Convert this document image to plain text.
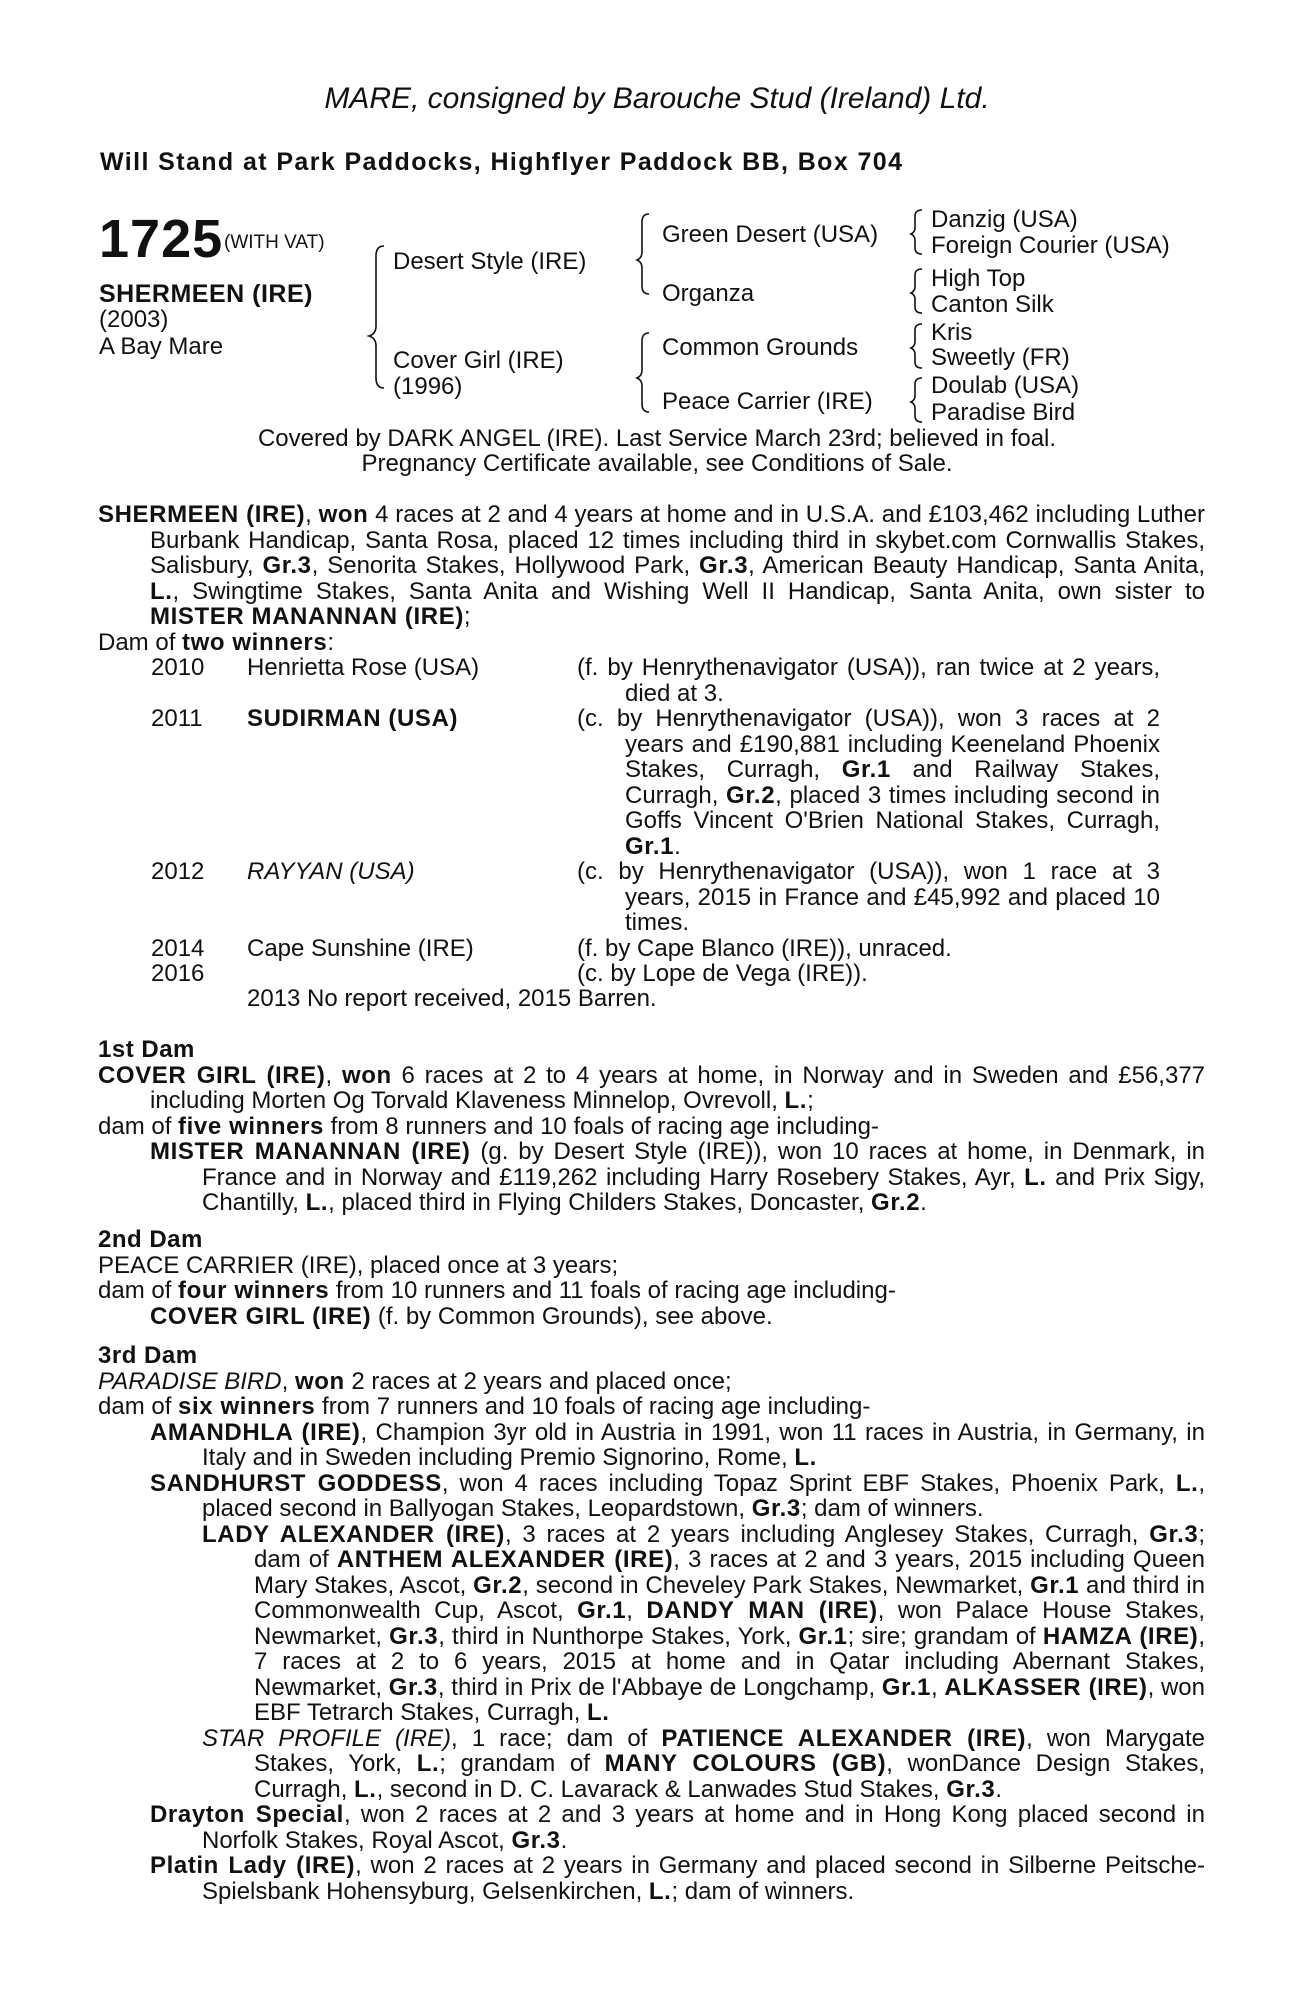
MARE, consigned by Barouche Stud (Ireland) Ltd.
Will Stand at Park Paddocks, Highflyer Paddock BB, Box 704
1725 (WITH VAT)
SHERMEEN (IRE)
(2003)
A Bay Mare
Desert Style (IRE)
Cover Girl (IRE)
(1996)
Green Desert (USA)
Organza
Common Grounds
Peace Carrier (IRE)
Danzig (USA)
Foreign Courier (USA)
High Top
Canton Silk
Kris
Sweetly (FR)
Doulab (USA)
Paradise Bird
Covered by DARK ANGEL (IRE). Last Service March 23rd; believed in foal.
Pregnancy Certificate available, see Conditions of Sale.

SHERMEEN (IRE), won 4 races at 2 and 4 years at home and in U.S.A. and £103,462 including Luther Burbank Handicap, Santa Rosa, placed 12 times including third in skybet.com Cornwallis Stakes, Salisbury, Gr.3, Senorita Stakes, Hollywood Park, Gr.3, American Beauty Handicap, Santa Anita, L., Swingtime Stakes, Santa Anita and Wishing Well II Handicap, Santa Anita, own sister to MISTER MANANNAN (IRE);

Dam of two winners:

2010 Henrietta Rose (USA)	(f. by Henrythenavigator (USA)), ran twice at 2 years, died at 3.
2011 SUDIRMAN (USA)	(c. by Henrythenavigator (USA)), won 3 races at 2 years and £190,881 including Keeneland Phoenix Stakes, Curragh, Gr.1 and Railway Stakes, Curragh, Gr.2, placed 3 times including second in Goffs Vincent O'Brien National Stakes, Curragh, Gr.1.
2012 RAYYAN (USA)	(c. by Henrythenavigator (USA)), won 1 race at 3 years, 2015 in France and £45,992 and placed 10 times.
2014 Cape Sunshine (IRE)	(f. by Cape Blanco (IRE)), unraced.
2016	(c. by Lope de Vega (IRE)).
2013 No report received, 2015 Barren.

1st Dam

COVER GIRL (IRE), won 6 races at 2 to 4 years at home, in Norway and in Sweden and £56,377 including Morten Og Torvald Klaveness Minnelop, Ovrevoll, L.;

dam of five winners from 8 runners and 10 foals of racing age including-

MISTER MANANNAN (IRE) (g. by Desert Style (IRE)), won 10 races at home, in Denmark, in France and in Norway and £119,262 including Harry Rosebery Stakes, Ayr, L. and Prix Sigy, Chantilly, L., placed third in Flying Childers Stakes, Doncaster, Gr.2.

2nd Dam

PEACE CARRIER (IRE), placed once at 3 years;

dam of four winners from 10 runners and 11 foals of racing age including-

COVER GIRL (IRE) (f. by Common Grounds), see above.

3rd Dam

PARADISE BIRD, won 2 races at 2 years and placed once;

dam of six winners from 7 runners and 10 foals of racing age including-

AMANDHLA (IRE), Champion 3yr old in Austria in 1991, won 11 races in Austria, in Germany, in Italy and in Sweden including Premio Signorino, Rome, L.

SANDHURST GODDESS, won 4 races including Topaz Sprint EBF Stakes, Phoenix Park, L., placed second in Ballyogan Stakes, Leopardstown, Gr.3; dam of winners.

LADY ALEXANDER (IRE), 3 races at 2 years including Anglesey Stakes, Curragh, Gr.3; dam of ANTHEM ALEXANDER (IRE), 3 races at 2 and 3 years, 2015 including Queen Mary Stakes, Ascot, Gr.2, second in Cheveley Park Stakes, Newmarket, Gr.1 and third in Commonwealth Cup, Ascot, Gr.1, DANDY MAN (IRE), won Palace House Stakes, Newmarket, Gr.3, third in Nunthorpe Stakes, York, Gr.1; sire; grandam of HAMZA (IRE), 7 races at 2 to 6 years, 2015 at home and in Qatar including Abernant Stakes, Newmarket, Gr.3, third in Prix de l'Abbaye de Longchamp, Gr.1, ALKASSER (IRE), won EBF Tetrarch Stakes, Curragh, L.

STAR PROFILE (IRE), 1 race; dam of PATIENCE ALEXANDER (IRE), won Marygate Stakes, York, L.; grandam of MANY COLOURS (GB), wonDance Design Stakes, Curragh, L., second in D. C. Lavarack & Lanwades Stud Stakes, Gr.3.

Drayton Special, won 2 races at 2 and 3 years at home and in Hong Kong placed second in Norfolk Stakes, Royal Ascot, Gr.3.

Platin Lady (IRE), won 2 races at 2 years in Germany and placed second in Silberne Peitsche-Spielsbank Hohensyburg, Gelsenkirchen, L.; dam of winners.
